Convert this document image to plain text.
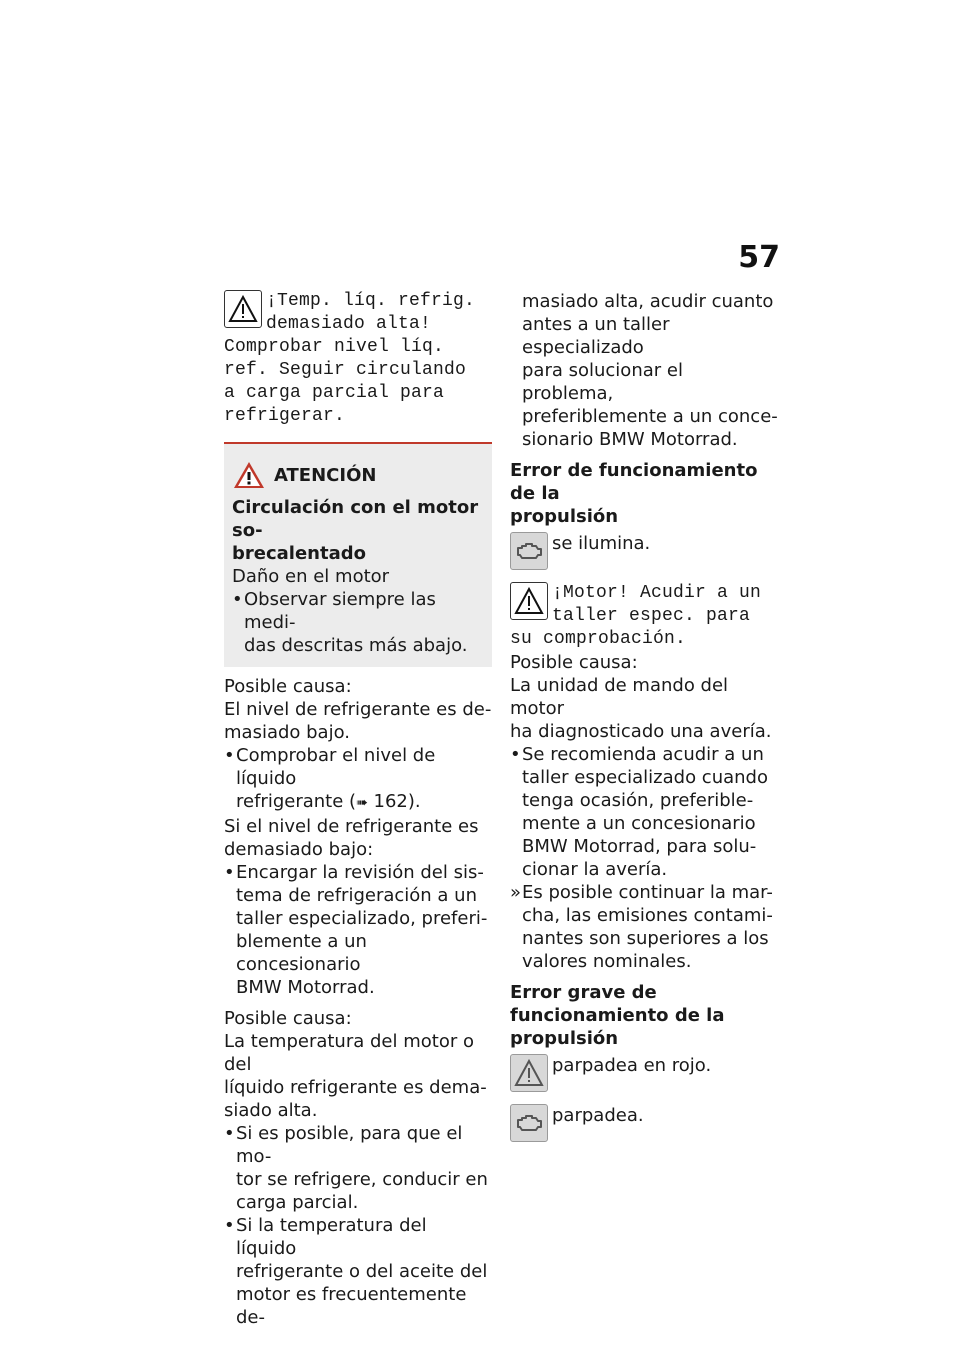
57
¡Temp. líq. refrig.
demasiado alta!
Comprobar nivel líq.
ref. Seguir circulando
a carga parcial para
refrigerar.
ATENCIÓN
Circulación con el motor so-
brecalentado
Daño en el motor
• Observar siempre las medi-
das descritas más abajo.
Posible causa:
El nivel de refrigerante es de-
masiado bajo.
• Comprobar el nivel de líquido
refrigerante (➠ 162).
Si el nivel de refrigerante es
demasiado bajo:
• Encargar la revisión del sis-
tema de refrigeración a un
taller especializado, preferi-
blemente a un concesionario
BMW Motorrad.
Posible causa:
La temperatura del motor o del
líquido refrigerante es dema-
siado alta.
• Si es posible, para que el mo-
tor se refrigere, conducir en
carga parcial.
• Si la temperatura del líquido
refrigerante o del aceite del
motor es frecuentemente de-
masiado alta, acudir cuanto
antes a un taller especializado
para solucionar el problema,
preferiblemente a un conce-
sionario BMW Motorrad.
Error de funcionamiento de la
propulsión
se ilumina.
¡Motor! Acudir a un
taller espec. para
su comprobación.
Posible causa:
La unidad de mando del motor
ha diagnosticado una avería.
• Se recomienda acudir a un
taller especializado cuando
tenga ocasión, preferible-
mente a un concesionario
BMW Motorrad, para solu-
cionar la avería.
» Es posible continuar la mar-
cha, las emisiones contami-
nantes son superiores a los
valores nominales.
Error grave de
funcionamiento de la
propulsión
parpadea en rojo.
parpadea.
